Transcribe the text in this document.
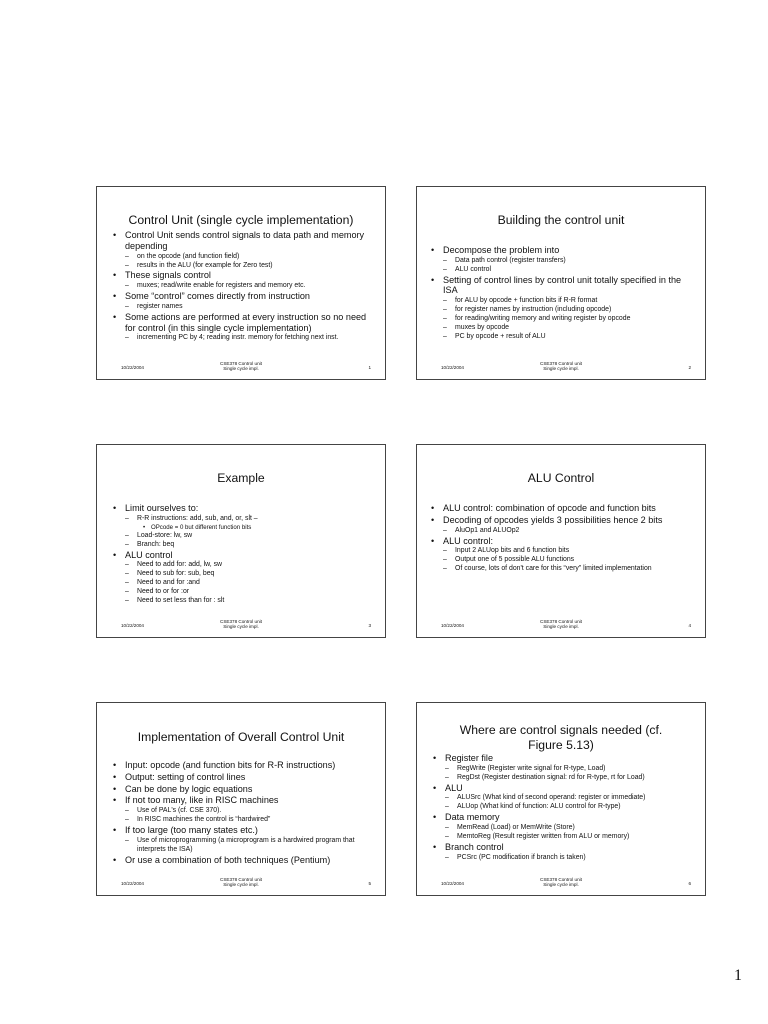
Control Unit (single cycle implementation)
• Control Unit sends control signals to data path and memory depending
– on the opcode (and function field)
– results in the ALU (for example for Zero test)
• These signals control
– muxes; read/write enable for registers and memory etc.
• Some “control” comes directly from instruction
– register names
• Some actions are performed at every instruction so no need for control (in this single cycle implementation)
– incrementing PC by 4; reading instr. memory for fetching next inst.
10/22/2004
CSE378 Control unit
Single cycle impl.	1
Building the control unit
• Decompose the problem into
– Data path control (register transfers)
– ALU control
• Setting of control lines by control unit totally specified in the ISA
– for ALU by opcode + function bits if R-R format
– for register names by instruction (including opcode)
– for reading/writing memory and writing register by opcode
– muxes by opcode
– PC by opcode + result of ALU
10/22/2004
CSE378 Control unit
Single cycle impl.	2
Example
• Limit ourselves to:
– R-R instructions: add, sub, and, or, slt –
• OPcode = 0 but different function bits
– Load-store: lw, sw
– Branch: beq
• ALU control
– Need to add for: add, lw, sw
– Need to sub for: sub, beq
– Need to and for :and
– Need to or for :or
– Need to set less than for : slt
10/22/2004
CSE378 Control unit
Single cycle impl.	3
ALU Control
• ALU control: combination of opcode and function bits
• Decoding of opcodes yields 3 possibilities hence 2 bits
– AluOp1 and ALUOp2
• ALU control:
– Input 2 ALUop bits and 6 function bits
– Output one of 5 possible ALU functions
– Of course, lots of don't care for this “very” limited implementation
10/22/2004
CSE378 Control unit
Single cycle impl.	4
Implementation of Overall Control Unit
• Input: opcode (and function bits for R-R instructions)
• Output: setting of control lines
• Can be done by logic equations
• If not too many, like in RISC machines
– Use of PAL's (cf. CSE 370).
– In RISC machines the control is “hardwired”
• If too large (too many states etc.)
– Use of microprogramming (a microprogram is a hardwired program that interprets the ISA)
• Or use a combination of both techniques (Pentium)
10/22/2004
CSE378 Control unit
Single cycle impl.	5
Where are control signals needed (cf. Figure 5.13)
• Register file
– RegWrite (Register write signal for R-type, Load)
– RegDst (Register destination signal: rd for R-type, rt for Load)
• ALU
– ALUSrc (What kind of second operand: register or immediate)
– ALUop (What kind of function: ALU control for R-type)
• Data memory
– MemRead (Load) or MemWrite (Store)
– MemtoReg (Result register written from ALU or memory)
• Branch control
– PCSrc (PC modification if branch is taken)
10/22/2004
CSE378 Control unit
Single cycle impl.	6
1
